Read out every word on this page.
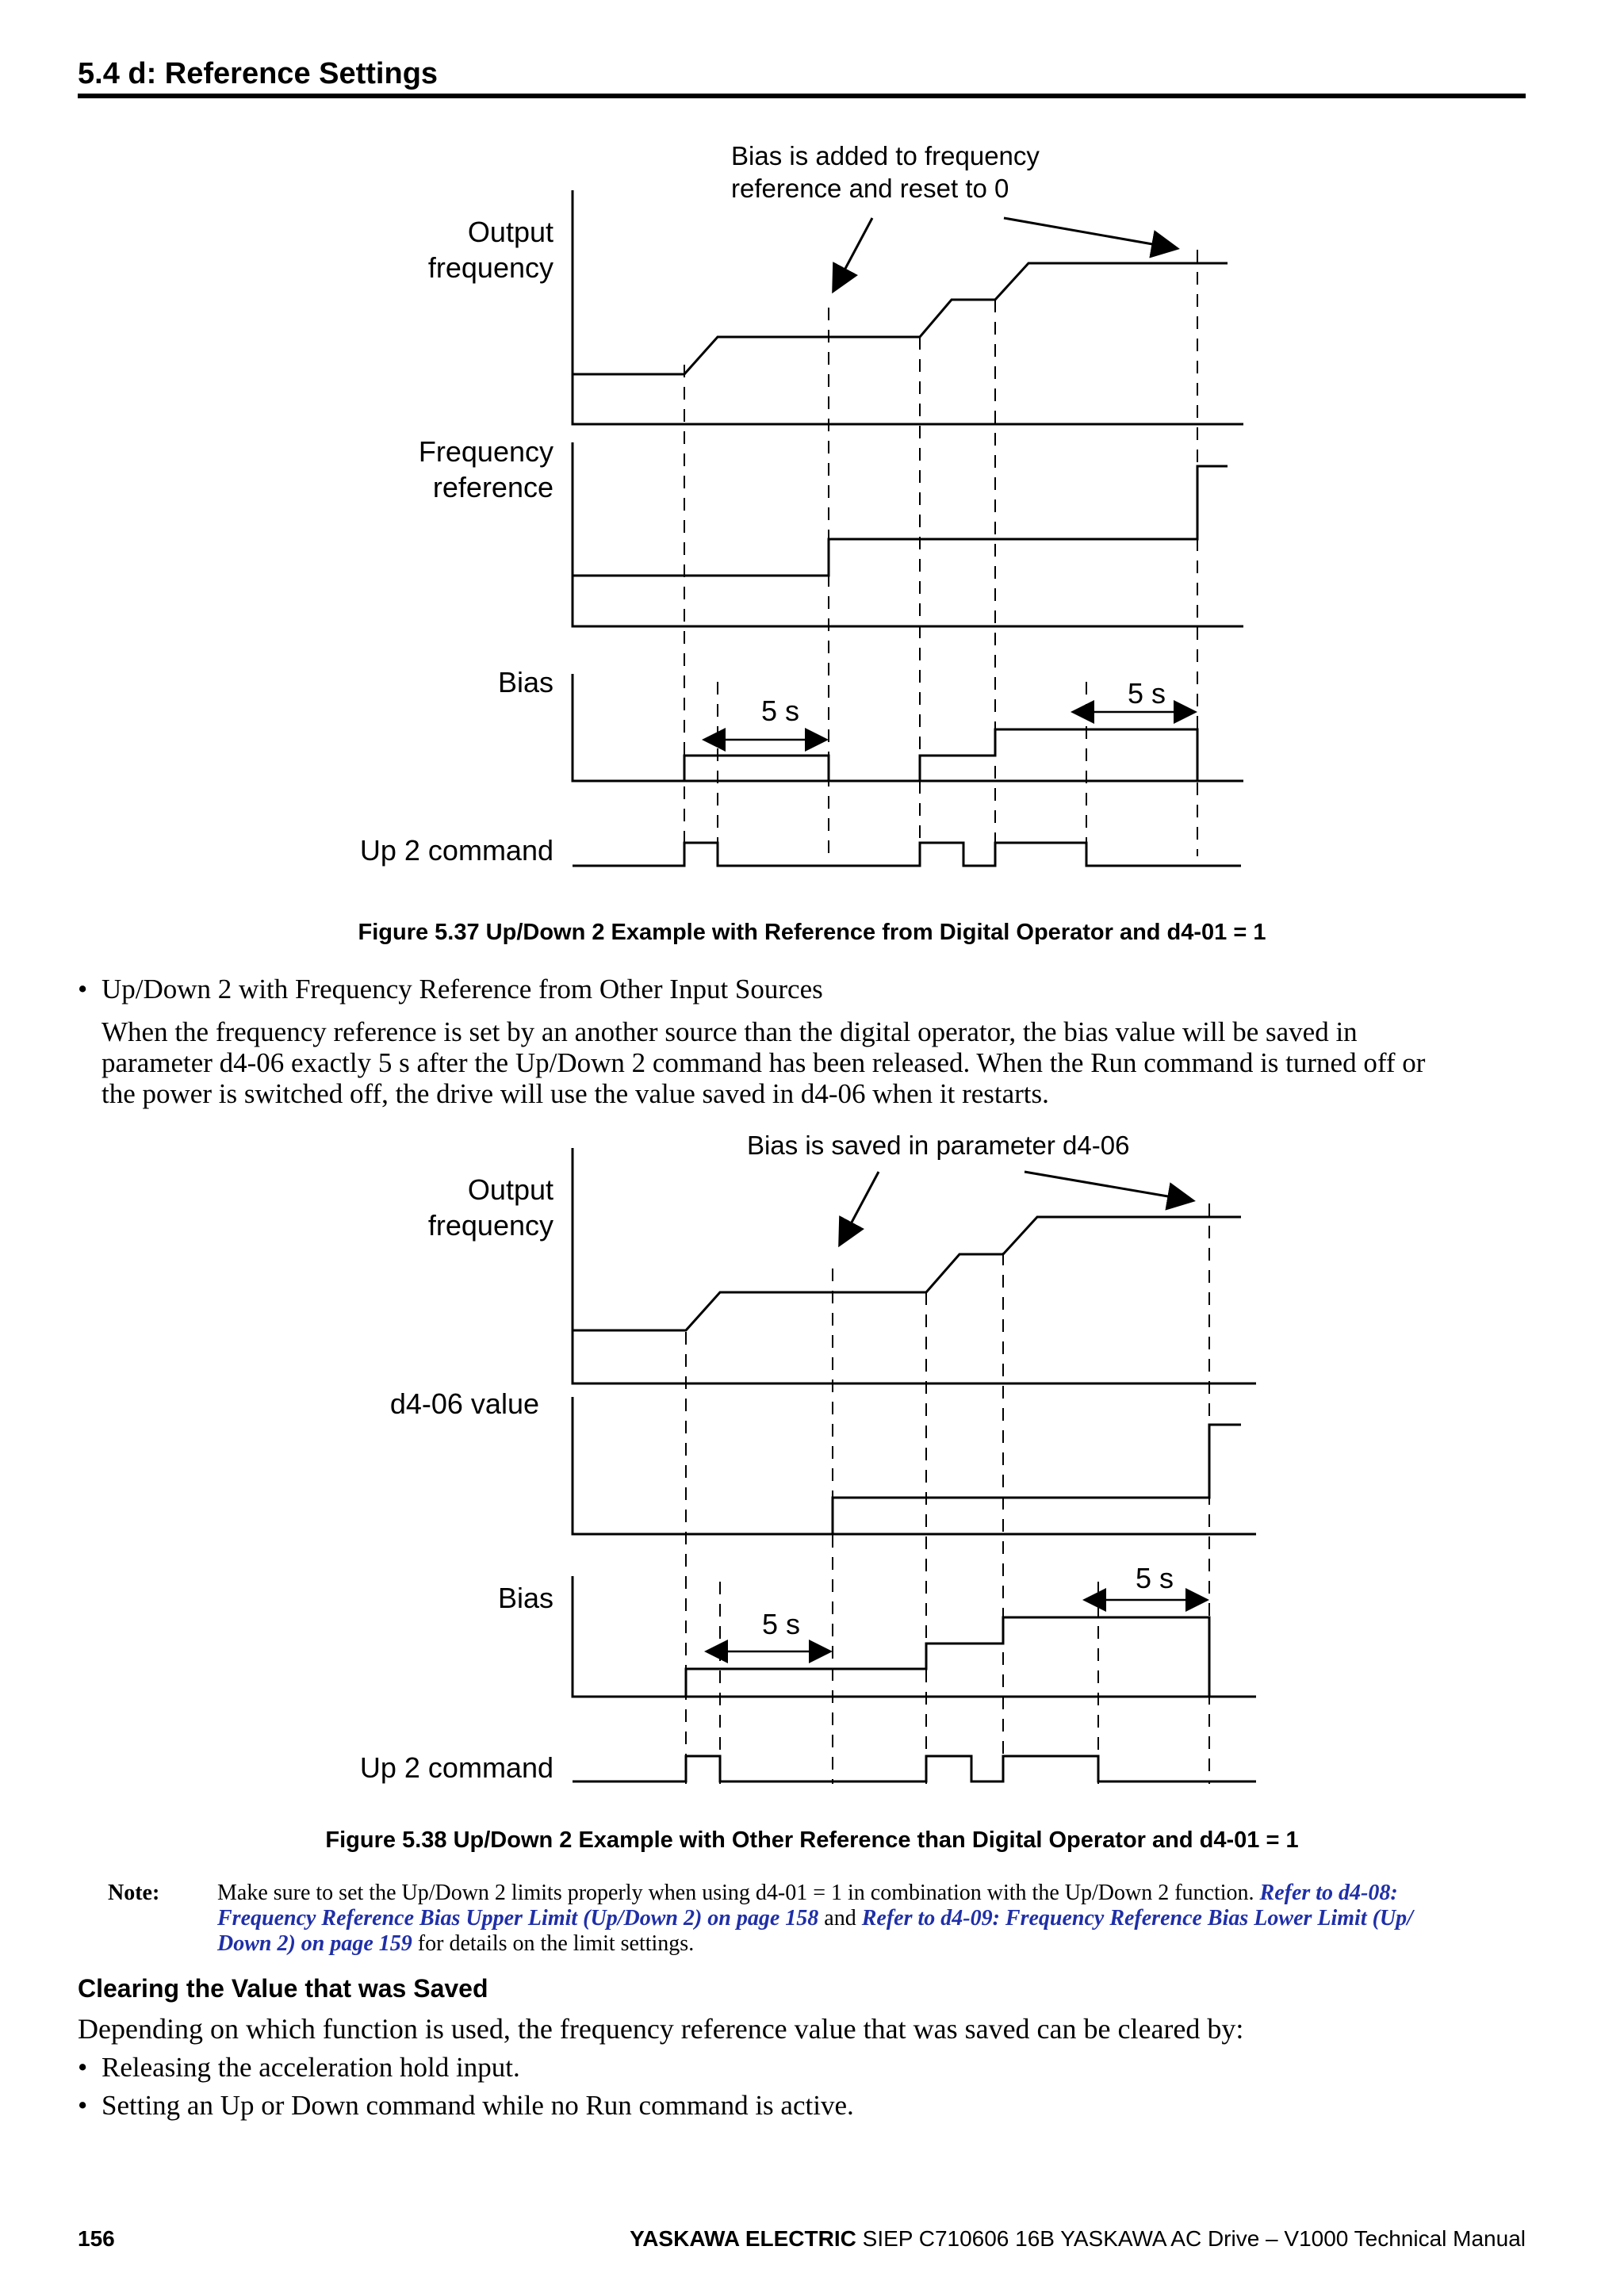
5.4 d: Reference Settings
Bias is added to frequency
reference and reset to 0
Output
frequency
Frequency
reference
Bias
Up 2 command
5 s
5 s
Figure 5.37 Up/Down 2 Example with Reference from Digital Operator and d4-01 = 1
• Up/Down 2 with Frequency Reference from Other Input Sources
When the frequency reference is set by an another source than the digital operator, the bias value will be saved in
parameter d4-06 exactly 5 s after the Up/Down 2 command has been released. When the Run command is turned off or
the power is switched off, the drive will use the value saved in d4-06 when it restarts.
Bias is saved in parameter d4-06
Output
frequency
d4-06 value
Bias
Up 2 command
5 s
5 s
Figure 5.38 Up/Down 2 Example with Other Reference than Digital Operator and d4-01 = 1
Note:	Make sure to set the Up/Down 2 limits properly when using d4-01 = 1 in combination with the Up/Down 2 function. Refer to d4-08:
Frequency Reference Bias Upper Limit (Up/Down 2) on page 158 and Refer to d4-09: Frequency Reference Bias Lower Limit (Up/
Down 2) on page 159 for details on the limit settings.
Clearing the Value that was Saved
Depending on which function is used, the frequency reference value that was saved can be cleared by:
• Releasing the acceleration hold input.
• Setting an Up or Down command while no Run command is active.
156	YASKAWA ELECTRIC SIEP C710606 16B YASKAWA AC Drive – V1000 Technical Manual
